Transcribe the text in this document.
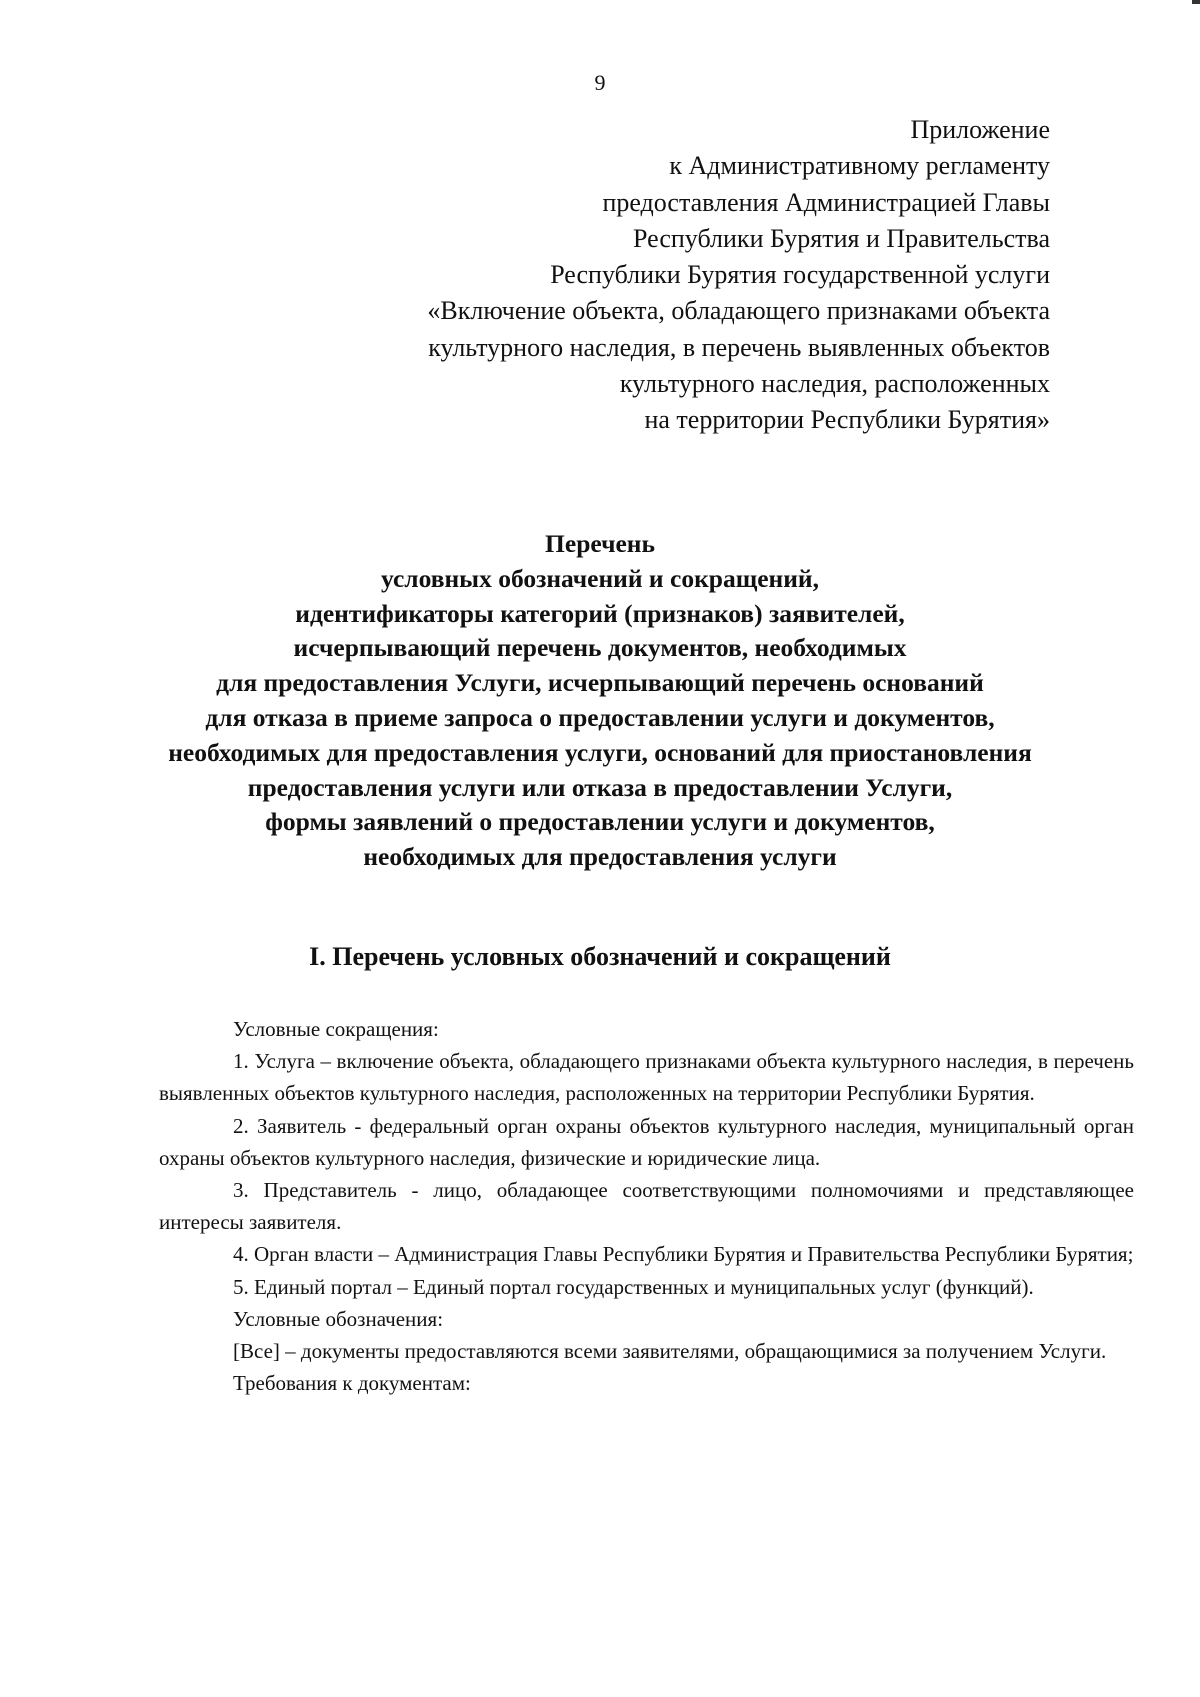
9
Приложение
к Административному регламенту
предоставления Администрацией Главы
Республики Бурятия и Правительства
Республики Бурятия государственной услуги
«Включение объекта, обладающего признаками объекта
культурного наследия, в перечень выявленных объектов
культурного наследия, расположенных
на территории Республики Бурятия»
Перечень
условных обозначений и сокращений,
идентификаторы категорий (признаков) заявителей,
исчерпывающий перечень документов, необходимых
для предоставления Услуги, исчерпывающий перечень оснований
для отказа в приеме запроса о предоставлении услуги и документов,
необходимых для предоставления услуги, оснований для приостановления
предоставления услуги или отказа в предоставлении Услуги,
формы заявлений о предоставлении услуги и документов,
необходимых для предоставления услуги
I. Перечень условных обозначений и сокращений

Условные сокращения:

1. Услуга – включение объекта, обладающего признаками объекта культурного наследия, в перечень выявленных объектов культурного наследия, расположенных на территории Республики Бурятия.

2. Заявитель - федеральный орган охраны объектов культурного наследия, муниципальный орган охраны объектов культурного наследия, физические и юридические лица.

3. Представитель - лицо, обладающее соответствующими полномочиями и представляющее интересы заявителя.

4. Орган власти – Администрация Главы Республики Бурятия и Правительства Республики Бурятия;

5. Единый портал – Единый портал государственных и муниципальных услуг (функций).

Условные обозначения:

[Все] – документы предоставляются всеми заявителями, обращающимися за получением Услуги.

Требования к документам:
